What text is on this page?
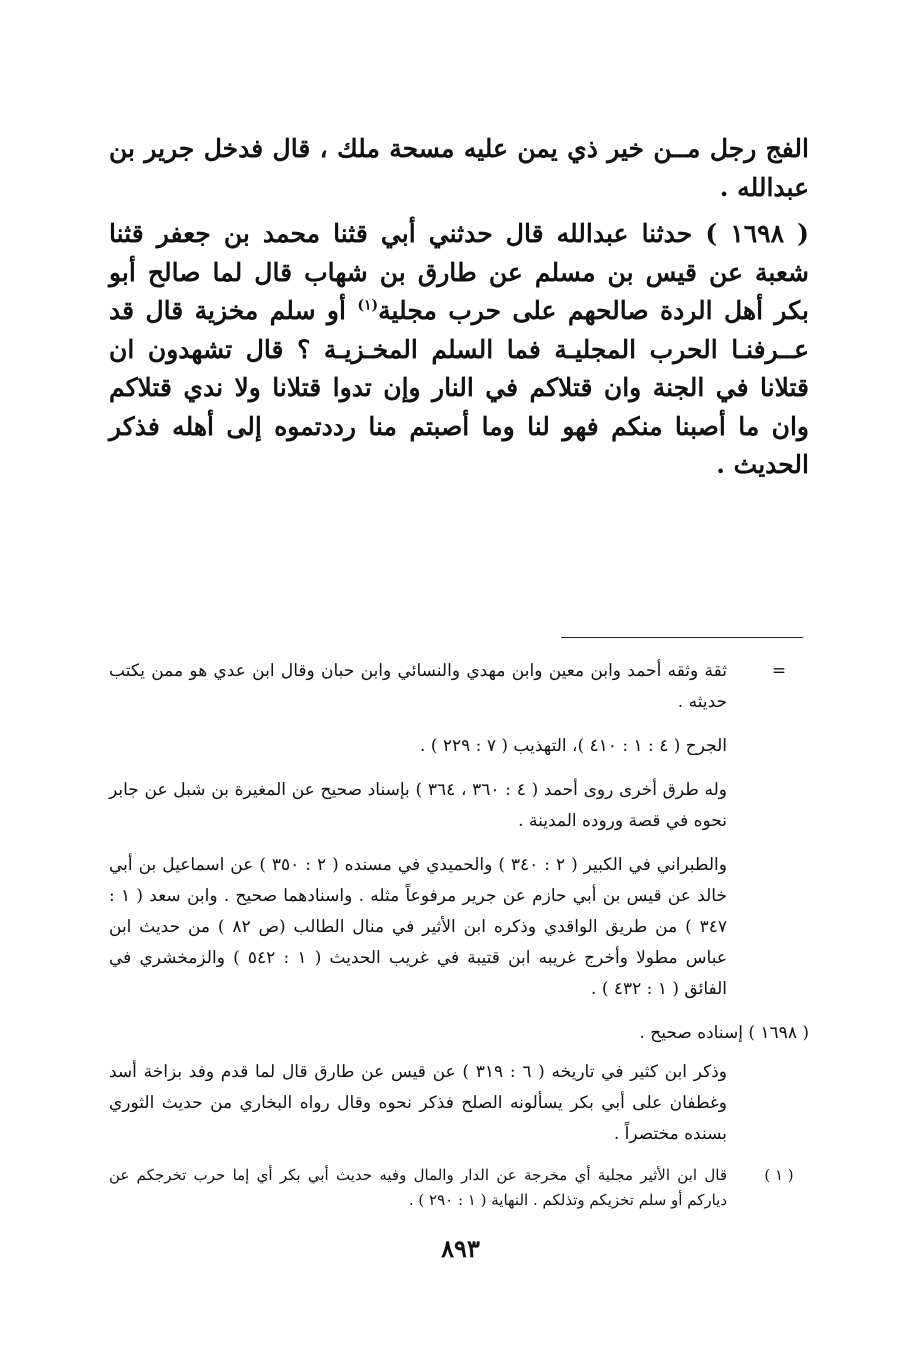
الفج رجل مــن خير ذي يمن عليه مسحة ملك ، قال فدخل جرير بن عبدالله .

( ١٦٩٨ ) حدثنا عبدالله قال حدثني أبي قثنا محمد بن جعفر قثنا شعبة عن قيس بن مسلم عن طارق بن شهاب قال لما صالح أبو بكر أهل الردة صالحهم على حرب مجلية$^{(١)}$ أو سلم مخزية قال قد عــرفنـا الحرب المجليـة فما السلم المخـزيـة ؟ قال تشهدون ان قتلانا في الجنة وان قتلاكم في النار وإن تدوا قتلانا ولا ندي قتلاكم وان ما أصبنا منكم فهو لنا وما أصبتم منا رددتموه إلى أهله فذكر الحديث .

=
ثقة وثقه أحمد وابن معين وابن مهدي والنسائي وابن حبان وقال ابن عدي هو ممن يكتب حديثه .
الجرح ( ٤ : ١ : ٤١٠ )، التهذيب ( ٧ : ٢٢٩ ) .
وله طرق أخرى روى أحمد ( ٤ : ٣٦٠ ، ٣٦٤ ) بإسناد صحيح عن المغيرة بن شبل عن جابر نحوه في قصة وروده المدينة .
والطبراني في الكبير ( ٢ : ٣٤٠ ) والحميدي في مسنده ( ٢ : ٣٥٠ ) عن اسماعيل بن أبي خالد عن قيس بن أبي حازم عن جرير مرفوعاً مثله . واسنادهما صحيح . وابن سعد ( ١ : ٣٤٧ ) من طريق الواقدي وذكره ابن الأثير في منال الطالب (ص ٨٢ ) من حديث ابن عباس مطولا وأخرج غريبه ابن قتيبة في غريب الحديث ( ١ : ٥٤٢ ) والزمخشري في الفائق ( ١ : ٤٣٢ ) .
( ١٦٩٨ ) إسناده صحيح .
وذكر ابن كثير في تاريخه ( ٦ : ٣١٩ ) عن قيس عن طارق قال لما قدم وفد بزاخة أسد وغطفان على أبي بكر يسألونه الصلح فذكر نحوه وقال رواه البخاري من حديث الثوري بسنده مختصراً .
( ١ )
قال ابن الأثير مجلية أي مخرجة عن الدار والمال وفيه حديث أبي بكر أي إما حرب تخرجكم عن دياركم أو سلم تخزيكم وتذلكم . النهاية ( ١ : ٢٩٠ ) .
٨٩٣
